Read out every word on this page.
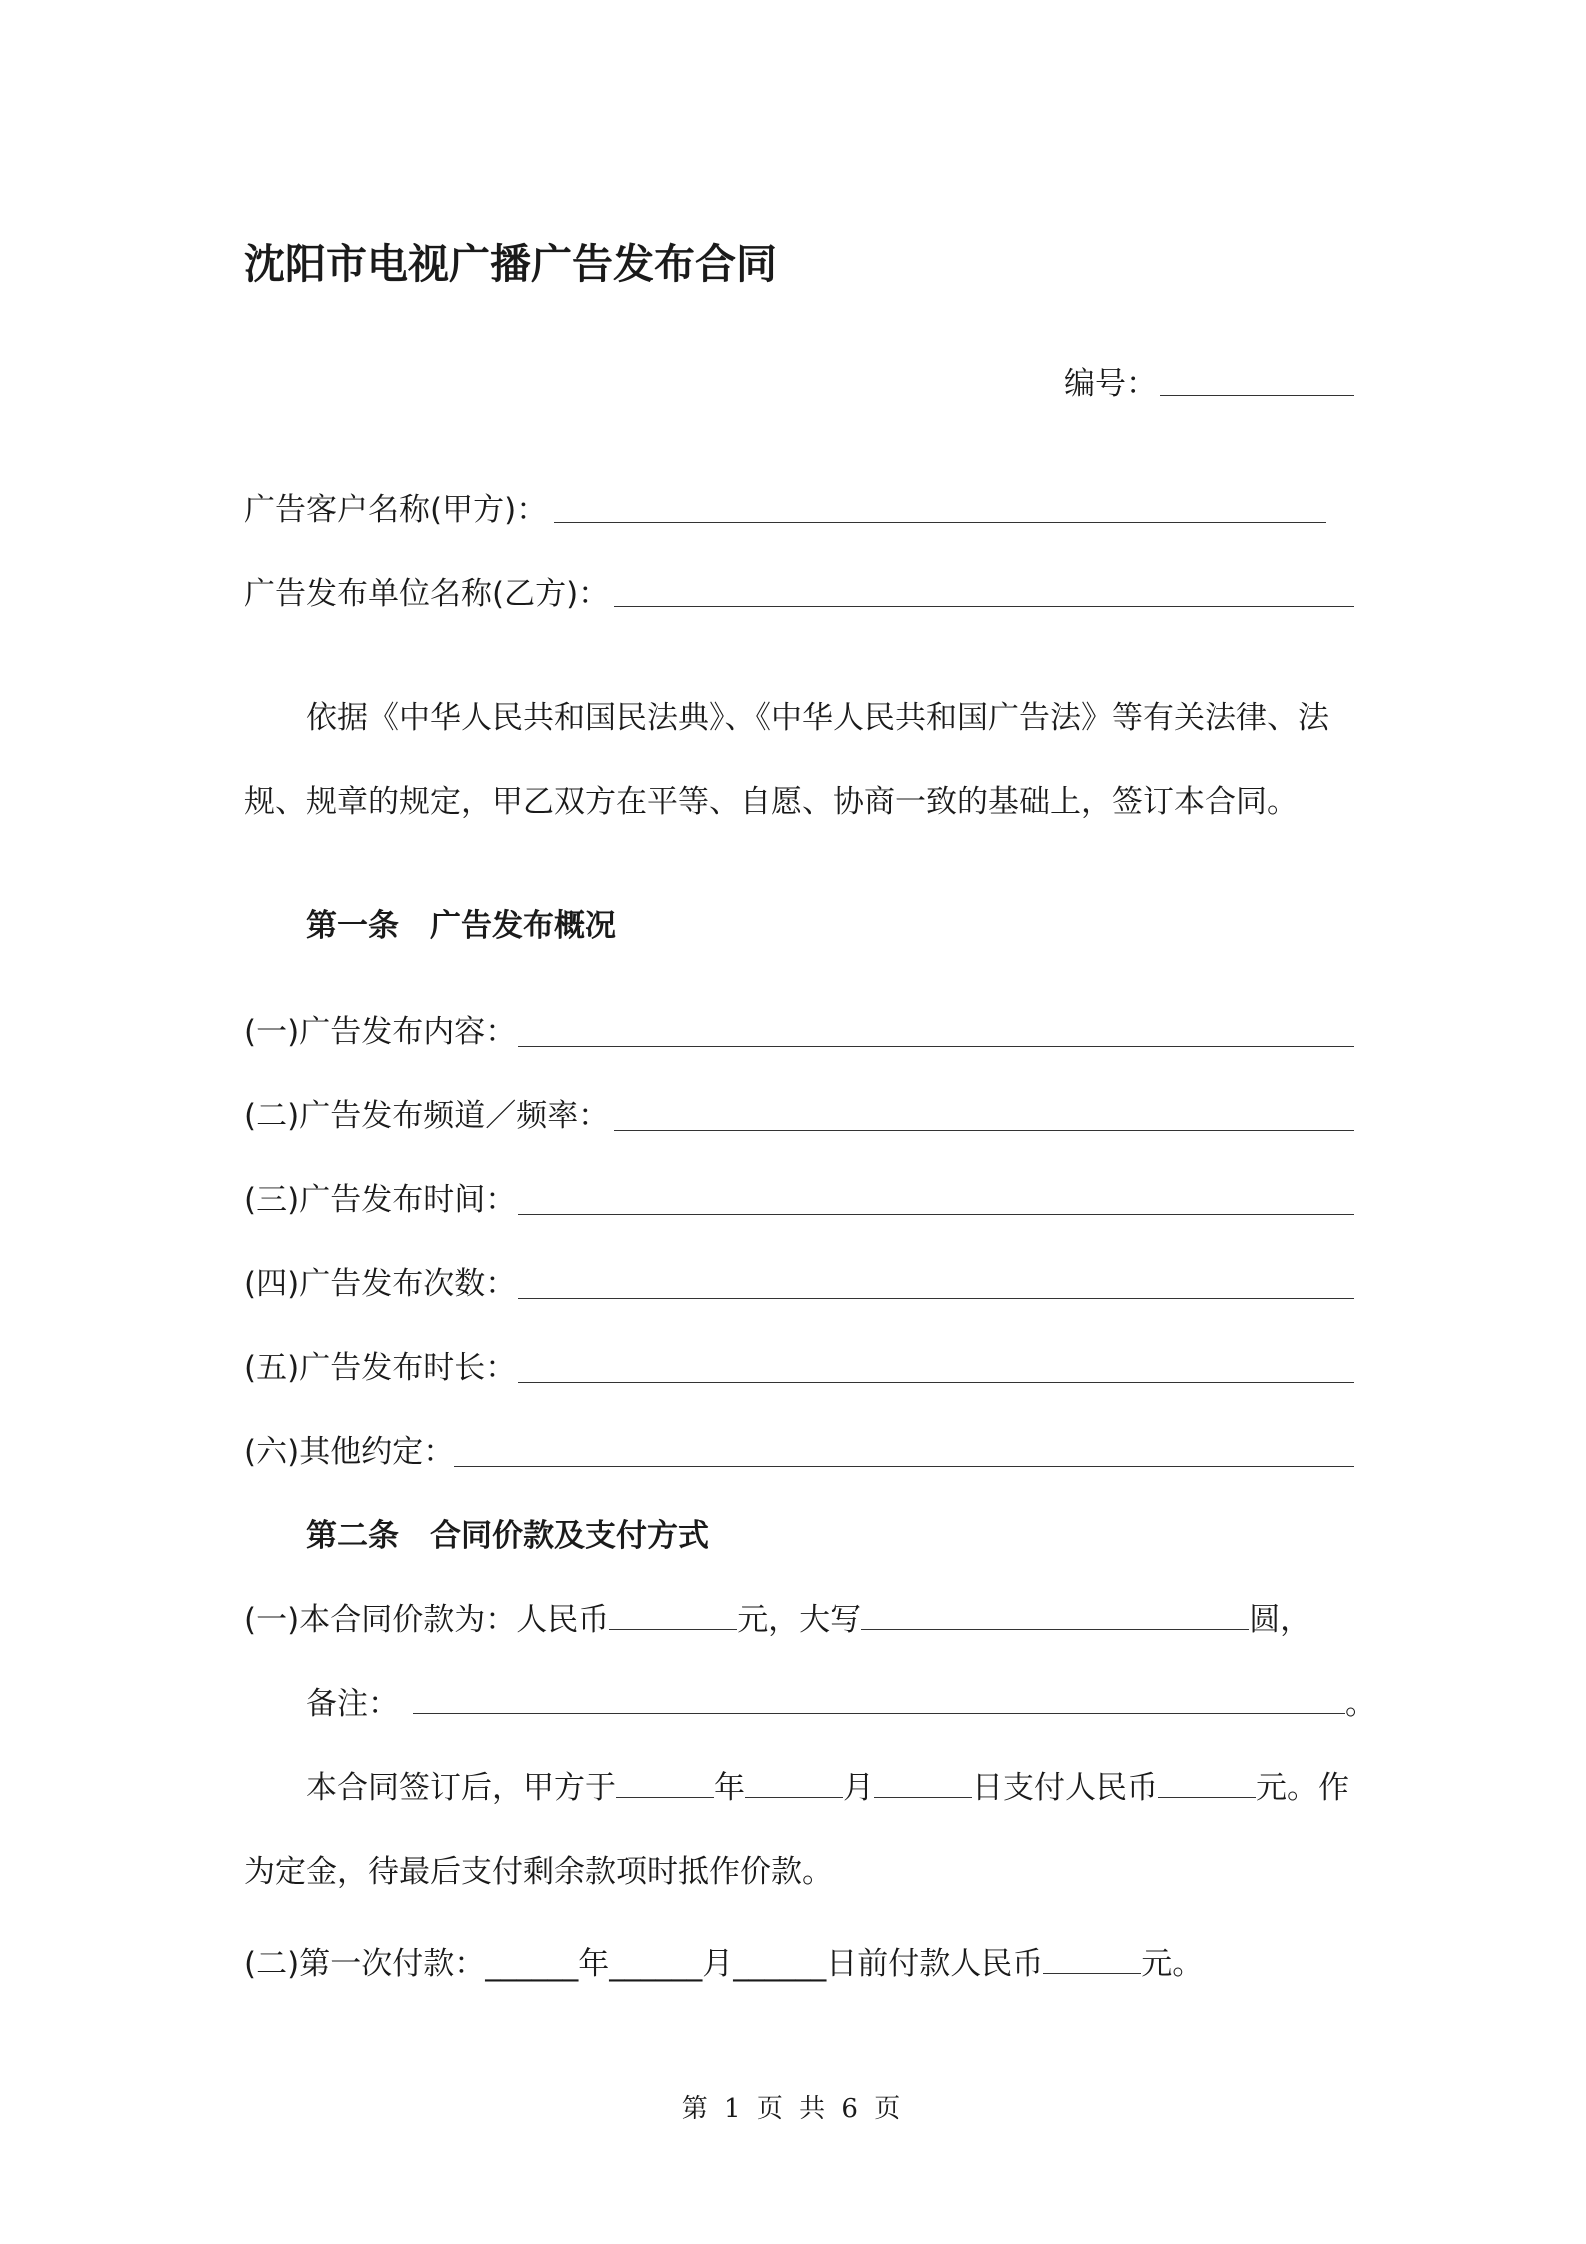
沈阳市电视广播广告发布合同
编号：
广告客户名称(甲方)：
广告发布单位名称(乙方)：
依据《中华人民共和国民法典》、《中华人民共和国广告法》等有关法律、法
规、规章的规定，甲乙双方在平等、自愿、协商一致的基础上，签订本合同。
第一条　广告发布概况
(一)广告发布内容：
(二)广告发布频道／频率：
(三)广告发布时间：
(四)广告发布次数：
(五)广告发布时长：
(六)其他约定：
第二条　合同价款及支付方式
(一)本合同价款为：人民币	元，大写	圆，
备注：	。
本合同签订后，甲方于	年	月	日支付人民币	元。作
为定金，待最后支付剩余款项时抵作价款。
(二)第一次付款：______年______月______日前付款人民币	元。
第 1 页 共 6 页
